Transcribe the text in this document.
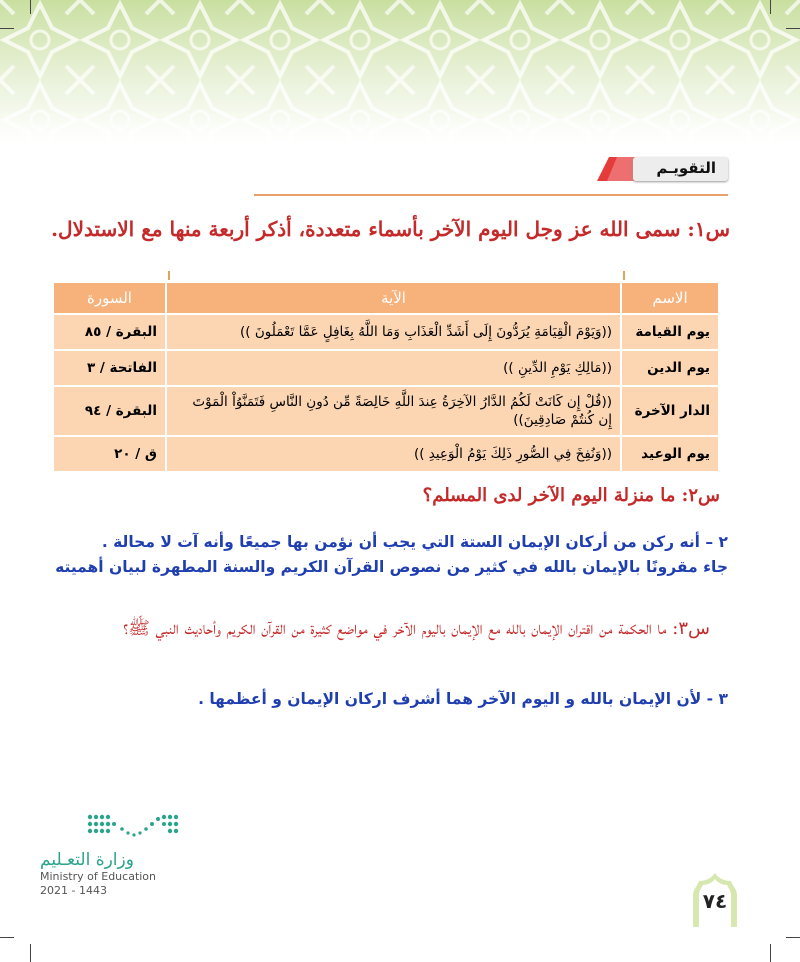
التقويـم
س١: سمى الله عز وجل اليوم الآخر بأسماء متعددة، أذكر أربعة منها مع الاستدلال.
الاسم	الآية	السورة
يوم القيامة	((وَيَوْمَ الْقِيَامَةِ يُرَدُّونَ إِلَى أَشَدِّ الْعَذَابِ وَمَا اللَّهُ بِغَافِلٍ عَمَّا تَعْمَلُونَ ))	البقرة / ٨٥
يوم الدين	((مَالِكِ يَوْمِ الدِّينِ ))	الفاتحة / ٣
الدار الآخرة	((قُلْ إِن كَانَتْ لَكُمُ الدَّارُ الآخِرَةُ عِندَ اللَّهِ خَالِصَةً مِّن دُونِ النَّاسِ فَتَمَنَّوُاْ الْمَوْتَ إِن كُنتُمْ صَادِقِينَ))	البقرة / ٩٤
يوم الوعيد	((وَنُفِخَ فِي الصُّورِ ذَلِكَ يَوْمُ الْوَعِيدِ ))	ق / ٢٠
س٢: ما منزلة اليوم الآخر لدى المسلم؟
٢ – أنه ركن من أركان الإيمان الستة التي يجب أن نؤمن بها جميعًا وأنه آت لا محالة .
جاء مقرونًا بالإيمان بالله في كثير من نصوص القرآن الكريم والسنة المطهرة لبيان أهميته
س٣: ما الحكمة من اقتران الإيمان بالله مع الإيمان باليوم الآخر في مواضع كثيرة من القرآن الكريم وأحاديث النبي ﷺ؟
٣ - لأن الإيمان بالله و اليوم الآخر هما أشرف اركان الإيمان و أعظمها .
وزارة التعـليم
Ministry of Education
2021 - 1443	٧٤
